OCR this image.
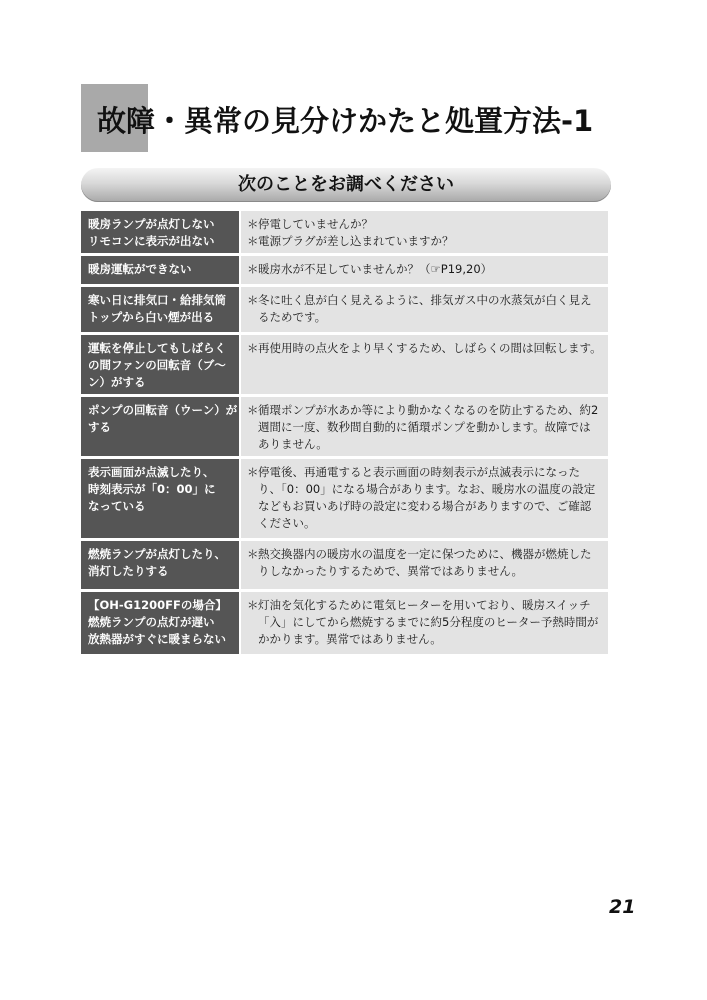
故障・異常の見分けかたと処置方法-1
次のことをお調べください
暖房ランプが点灯しない
リモコンに表示が出ない
＊ 停電していませんか？
＊ 電源プラグが差し込まれていますか？
暖房運転ができない
＊	暖房水が不足していませんか？（☞P19,20）
寒い日に排気口・給排気筒
トップから白い煙が出る
＊ 冬に吐く息が白く見えるように、排気ガス中の水蒸気が白く見えるためです。
運転を停止してもしばらく
の間ファンの回転音（ブ～
ン）がする
＊ 再使用時の点火をより早くするため、しばらくの間は回転します。
ポンプの回転音（ウーン）が
する
＊ 循環ポンプが水あか等により動かなくなるのを防止するため、約2週間に一度、数秒間自動的に循環ポンプを動かします。故障ではありません。
表示画面が点滅したり、
時刻表示が「0：00」に
なっている
＊ 停電後、再通電すると表示画面の時刻表示が点滅表示になったり、「0：00」になる場合があります。なお、暖房水の温度の設定などもお買いあげ時の設定に変わる場合がありますので、ご確認ください。
燃焼ランプが点灯したり、
消灯したりする
＊ 熱交換器内の暖房水の温度を一定に保つために、機器が燃焼したりしなかったりするためで、異常ではありません。
【OH-G1200FFの場合】
燃焼ランプの点灯が遅い
放熱器がすぐに暖まらない
＊ 灯油を気化するために電気ヒーターを用いており、暖房スイッチ「入」にしてから燃焼するまでに約5分程度のヒーター予熱時間がかかります。異常ではありません。
21
